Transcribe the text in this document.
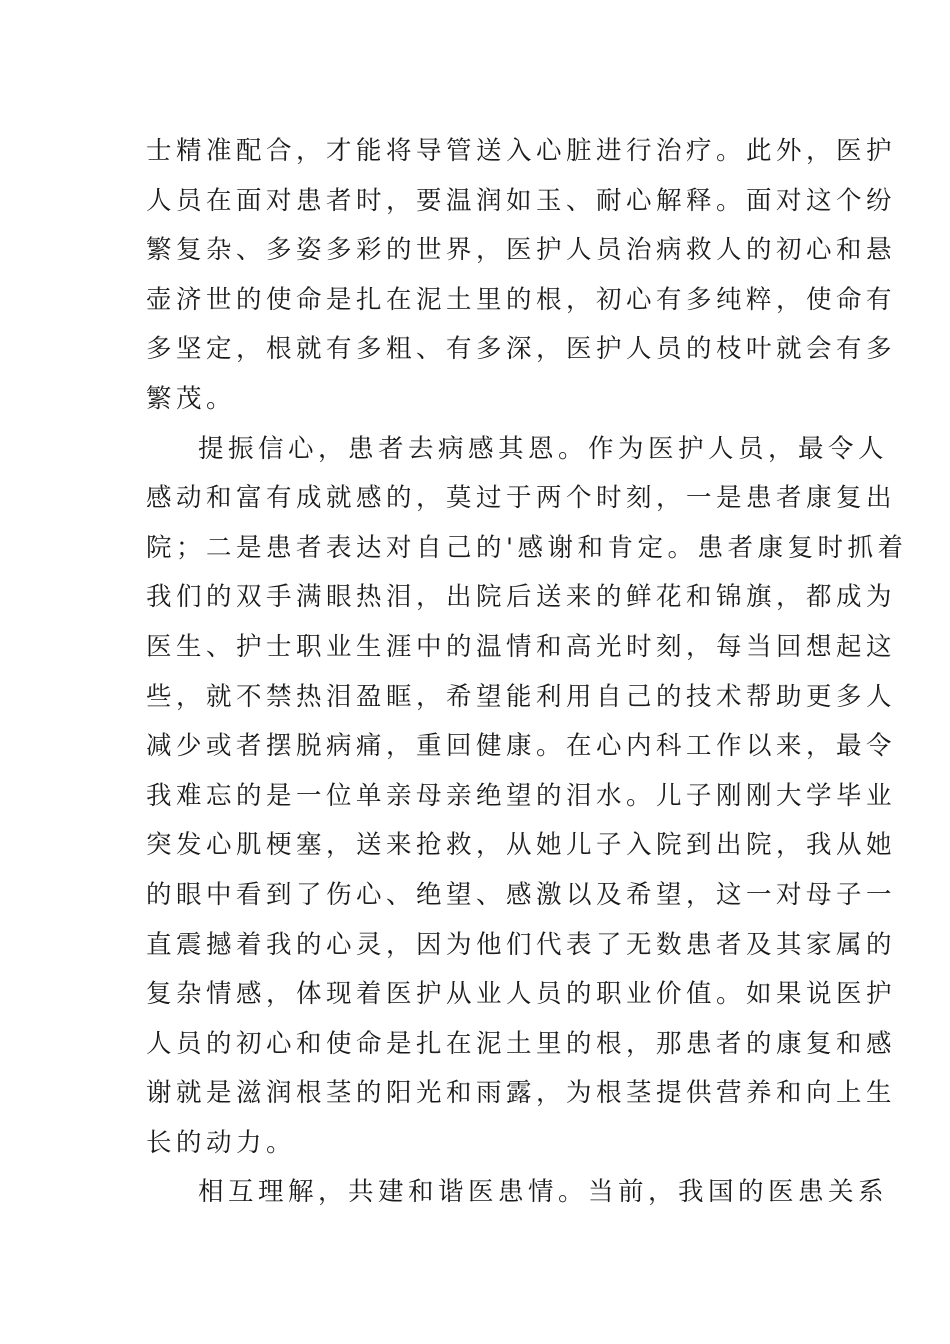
士精准配合，才能将导管送入心脏进行治疗。此外，医护
人员在面对患者时，要温润如玉、耐心解释。面对这个纷
繁复杂、多姿多彩的世界，医护人员治病救人的初心和悬
壶济世的使命是扎在泥土里的根，初心有多纯粹，使命有
多坚定，根就有多粗、有多深，医护人员的枝叶就会有多
繁茂。
提振信心，患者去病感其恩。作为医护人员，最令人
感动和富有成就感的，莫过于两个时刻，一是患者康复出
院；二是患者表达对自己的'感谢和肯定。患者康复时抓着
我们的双手满眼热泪，出院后送来的鲜花和锦旗，都成为
医生、护士职业生涯中的温情和高光时刻，每当回想起这
些，就不禁热泪盈眶，希望能利用自己的技术帮助更多人
减少或者摆脱病痛，重回健康。在心内科工作以来，最令
我难忘的是一位单亲母亲绝望的泪水。儿子刚刚大学毕业
突发心肌梗塞，送来抢救，从她儿子入院到出院，我从她
的眼中看到了伤心、绝望、感激以及希望，这一对母子一
直震撼着我的心灵，因为他们代表了无数患者及其家属的
复杂情感，体现着医护从业人员的职业价值。如果说医护
人员的初心和使命是扎在泥土里的根，那患者的康复和感
谢就是滋润根茎的阳光和雨露，为根茎提供营养和向上生
长的动力。
相互理解，共建和谐医患情。当前，我国的医患关系
